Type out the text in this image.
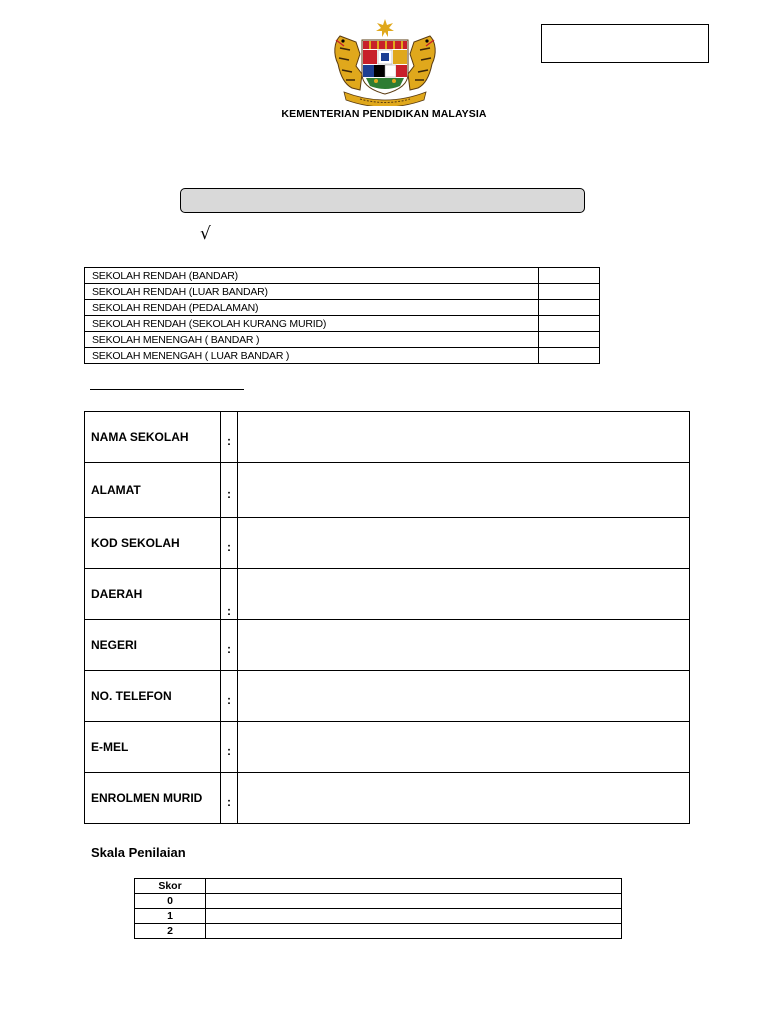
KEMENTERIAN PENDIDIKAN MALAYSIA
√
SEKOLAH RENDAH (BANDAR)	
SEKOLAH RENDAH (LUAR BANDAR)	
SEKOLAH RENDAH (PEDALAMAN)	
SEKOLAH RENDAH (SEKOLAH KURANG MURID)	
SEKOLAH MENENGAH ( BANDAR )	
SEKOLAH MENENGAH ( LUAR BANDAR )	
NAMA SEKOLAH	:	
ALAMAT	:	
KOD SEKOLAH	:	
DAERAH	:	
NEGERI	:	
NO. TELEFON	:	
E-MEL	:	
ENROLMEN MURID	:	
Skala Penilaian
Skor	
0	
1	
2	
